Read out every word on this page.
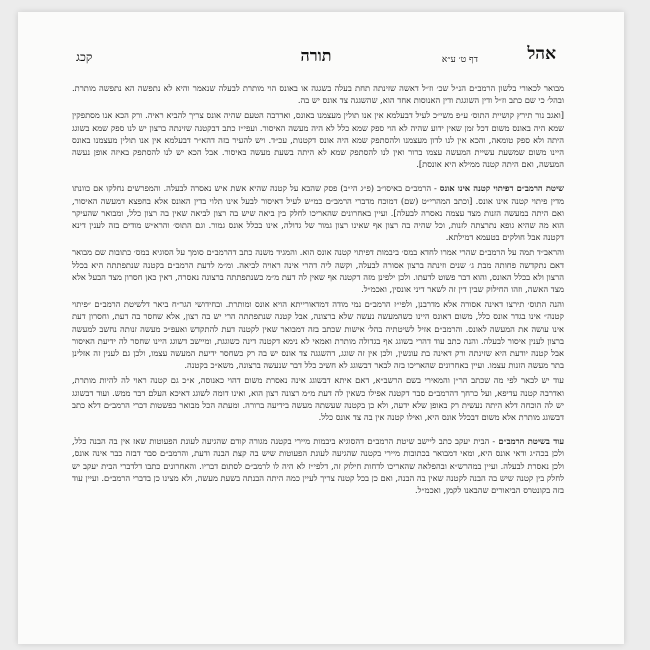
אהל
דף ט׳ ע״א
תורה
קכג

מבואר לכאורי בלשון הרמב״ם הנ״ל שכ׳ וז״ל דאשה שזינתה תחת בעלה בשגגה או באונס הוי מותרת לבעלה שנאמר והיא לא נתפשה הא נתפשה מותרת. ובהל׳ כי שם כתב וז״ל ודין השוגגת ודין האנוסות אחד הוא, שהשגגה צד אונס יש בה.

[ואגב נור תירץ קושיית התוס׳ ע״פ משי״כ לעיל דבעלמא אין אנו תולין מעצמנו באונס, ואדרבה הטעם שהיה אונס צריך להביא ראיה. ורק הכא אנו מסתפקין שמא היה באונס משום דכל זמן שאין ידוע שהיה לא הוי ספק שמא כלל לא היה מעשה האיסור. ועפי״ז כתב דבקטנה שזינתה ברצון יש לנו ספק שמא בשוגג היתה ולא ספק טומאה, והכא אין לנו לדון מעצמנו ולהסתפק שמא היה אונס דקטנות, עכ״ד. ויש להעיר בזה דהא״ר דבעלמא אין אנו תולין מעצמנו באונס היינו משום שמשעת עשיית המעשה עצמו ברור ואין לנו להסתפק שמא לא היתה בשעת מעשה באיסור. אבל הכא יש לנו להסתפק באיזה אופן נעשה המעשה, ואם היתה קטנה ממילא היא אונסת].

שיטת הרמב״ם דפיתוי קטנה אינו אונס - הרמב״ם באיסו״ב (פ״ג הי״ב) פסק שהבא על קטנה שהיא אשת איש נאסרה לבעלה. והמפרשים נחלקו אם כוונתו מדין פיתוי קטנה אינו אונס. [וכתב המהרי״ט (שם) דמוכח מדברי הרמב״ם כמ״ש לעיל דאיסור לבעל אינו תלוי בדין האונס אלא בחפצא דמעשה האיסור, ואם היתה במעשה הזנות מצד עצמה נאסרה לבעלה]. ועיין באחרונים שהאריכו לחלק בין ביאה שיש בה רצון לביאה שאין בה רצון כלל, ומבואר שהעיקר הוא מה שהיא גופא נתרצתה לזנות, וכל שהיה בה רצון אף שאינו רצון גמור של גדולה, אינו בכלל אונס גמור. וגם התוס׳ והרא״ש מודים בזה לענין דינא דקטנה אבל חולקים בטעמא דמילתא.

והראב״ד תמה על הרמב״ם שהרי אמרו לחדא במס׳ ביבמות דפיתוי קטנה אונס הוא. והמגיד משנה כתב דהרמב״ם סומך על הסוגיא במס׳ כתובות שם מבואר דאם נתקדשה פחותה מבת ג׳ שנים וזינתה ברצון אסורה לבעלה, וקשה ליה דהרי אינה ראויה לביאה. ומ״מ לדעת הרמב״ם בקטנה שנתפתתה היא בכלל הרצון ולא בכלל האונס, והוא דבר פשוט לדעתו. ולכן ילפינן מזה דקטנה אף שאין לה דעת מ״מ כשנתפתתה ברצונה נאסרה, דאין כאן חסרון מצד הבעל אלא מצד האשה, וזהו החילוק שבין דין זה לשאר דיני אונסין, ואכמ״ל.

והנה התוס׳ תירצו דאינה אסורה אלא מדרבנן, ולפי״ז הרמב״ם נמי מודה דמדאורייתא הויא אונס ומותרת. ובחידושי הגר״ח ביאר דלשיטת הרמב״ם ״פיתוי קטנה״ אינו בגדר אונס כלל, משום דאונס היינו כשהמעשה נעשה שלא ברצונה, אבל קטנה שנתפתתה הרי יש בה רצון, אלא שחסר בה דעת, וחסרון דעת אינו עושה את המעשה לאונס. והרמב״ם אזיל לשיטתיה בהל׳ אישות שכתב בזה דמבואר שאין לקטנה דעת להתקדש ואעפ״כ מעשה זנותה נחשב למעשה ברצון לענין איסור לבעלה. והנה כתב עוד דהרי בשוגג אף בגדולה מותרת ואמאי לא נימא דקטנה דינה כשוגגת, ומיישב דשוגג היינו שחסר לה ידיעת האיסור אבל קטנה יודעת היא שזינתה ורק דאינה בת עונשין, ולכן אין זה שוגג, דהשגגה צד אונס יש בה רק כשחסר ידיעת המעשה עצמו, ולכן גם לענין זה אזלינן בתר מעשה הזנות עצמו. ועיין באחרונים שהאריכו בזה לבאר דבשוגג לא חשיב כלל דבר שנעשה ברצונה, משא״כ בקטנה.

עוד יש לבאר לפי מה שכתב הר״ן והמאירי בשם הרשב״א, דאם איתא דבשוגג אינה נאסרת משום דהוי כאנוסה, א״כ גם קטנה ראוי לה להיות מותרת, ואדרבה קטנה עדיפא, ועל כרחך דהרמב״ם סבר דקטנה אפילו כשאין לה דעת מ״מ רצונה רצון הוא, ואינו דומה לשוגג דאיכא העלם דבר ממש. ועוד דבשוגג יש לה הוכחה דלא היתה נעשית רק באופן שלא ידעה, ולא כן בקטנה שעשתה מעשה בידיעה ברורה. ומעתה הכל מבואר כפשטות דברי הרמב״ם דלא כתב דבשוגג מותרת אלא משום דבכלל אונס היא, ואילו קטנה אין בה צד אונס כלל.

עוד בשיטת הרמב״ם - הבית יעקב כתב ליישב שיטת הרמב״ם דהסוגיא ביבמות מיירי בקטנה מגורה קודם שהגיעה לעונת הפעוטות שאז אין בה הבנה כלל, ולכן בכה״ג ודאי אונס היא, ומאי דמבואר בכתובות מיירי בקטנה שהגיעה לעונת הפעוטות שיש בה קצת הבנה ודעת, והרמב״ם סבר דבזה כבר אינה אונס, ולכן נאסרת לבעלה. ועיין במהרש״א ובהפלאה שהאריכו לדחות חילוק זה, דלפי״ז לא היה לו לרמב״ם לסתום דבריו. והאחרונים כתבו דלדברי הבית יעקב יש לחלק בין קטנה שיש בה הבנה לקטנה שאין בה הבנה, ואם כן בכל קטנה צריך לעיין כמה היתה הבנתה בשעת מעשה, ולא מצינו כן בדברי הרמב״ם. ועיין עוד בזה בקונטרס הביאורים שהבאנו לקמן, ואכמ״ל.
